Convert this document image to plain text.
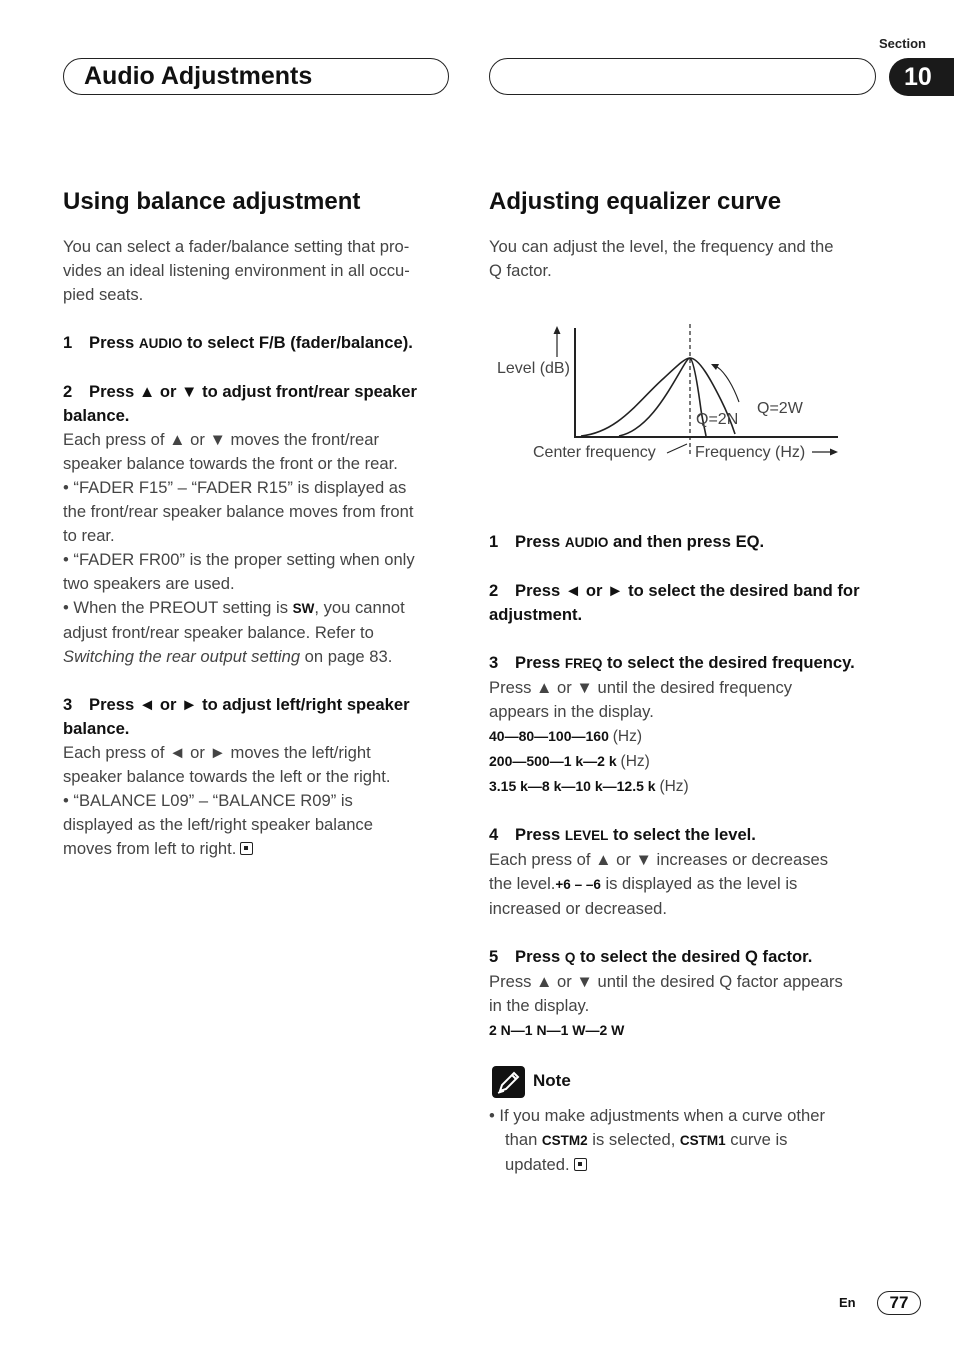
Section
Audio Adjustments	10
Using balance adjustment

You can select a fader/balance setting that pro-

vides an ideal listening environment in all occu-

pied seats.

1 Press AUDIO to select F/B (fader/balance).

2 Press ▲ or ▼ to adjust front/rear speaker

balance.

Each press of ▲ or ▼ moves the front/rear

speaker balance towards the front or the rear.

• “FADER F15” – “FADER R15” is displayed as

the front/rear speaker balance moves from front

to rear.

• “FADER FR00” is the proper setting when only

two speakers are used.

• When the PREOUT setting is SW, you cannot

adjust front/rear speaker balance. Refer to

Switching the rear output setting on page 83.

3 Press ◄ or ► to adjust left/right speaker

balance.

Each press of ◄ or ► moves the left/right

speaker balance towards the left or the right.

• “BALANCE L09” – “BALANCE R09” is

displayed as the left/right speaker balance

moves from left to right.

Adjusting equalizer curve

You can adjust the level, the frequency and the

Q factor.

Level (dB)
Q=2N
Q=2W
Center frequency Frequency (Hz)

1 Press AUDIO and then press EQ.

2 Press ◄ or ► to select the desired band for

adjustment.

3 Press FREQ to select the desired frequency.

Press ▲ or ▼ until the desired frequency

appears in the display.

40—80—100—160 (Hz)

200—500—1 k—2 k (Hz)

3.15 k—8 k—10 k—12.5 k (Hz)

4 Press LEVEL to select the level.

Each press of ▲ or ▼ increases or decreases

the level.+6 – –6 is displayed as the level is

increased or decreased.

5 Press Q to select the desired Q factor.

Press ▲ or ▼ until the desired Q factor appears

in the display.

2 N—1 N—1 W—2 W

Note

• If you make adjustments when a curve other

than CSTM2 is selected, CSTM1 curve is

updated.

En	77
